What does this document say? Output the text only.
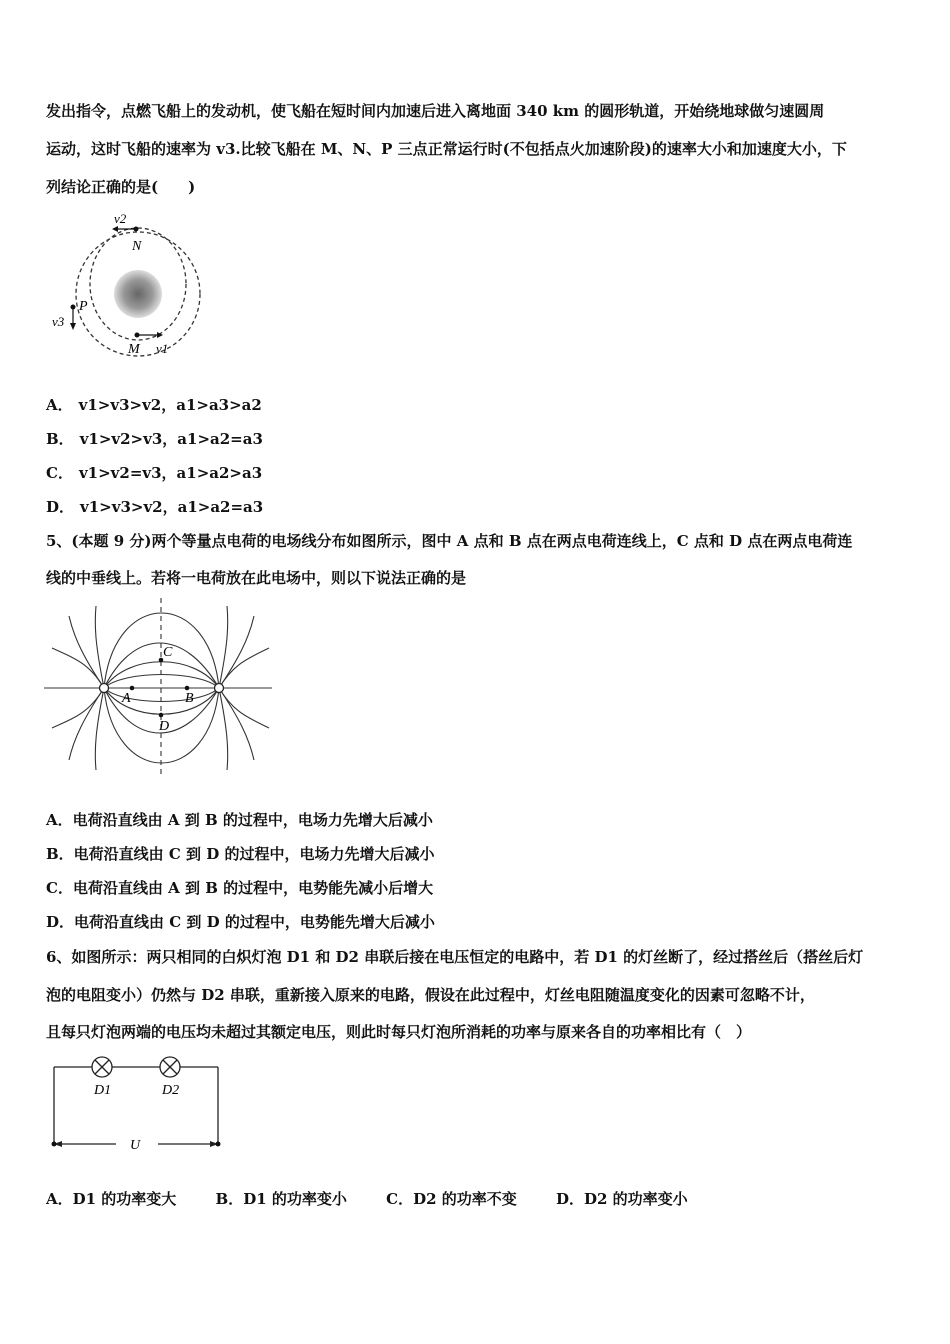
发出指令，点燃飞船上的发动机，使飞船在短时间内加速后进入离地面 340 km 的圆形轨道，开始绕地球做匀速圆周
运动，这时飞船的速率为 v3.比较飞船在 M、N、P 三点正常运行时(不包括点火加速阶段)的速率大小和加速度大小，下
列结论正确的是(　　)
v2
N
P
v3
M v1
A． v1>v3>v2，a1>a3>a2
B． v1>v2>v3，a1>a2=a3
C． v1>v2=v3，a1>a2>a3
D． v1>v3>v2，a1>a2=a3
5、(本题 9 分)两个等量点电荷的电场线分布如图所示，图中 A 点和 B 点在两点电荷连线上，C 点和 D 点在两点电荷连
线的中垂线上。若将一电荷放在此电场中，则以下说法正确的是
A	B
C
D
A．电荷沿直线由 A 到 B 的过程中，电场力先增大后减小
B．电荷沿直线由 C 到 D 的过程中，电场力先增大后减小
C．电荷沿直线由 A 到 B 的过程中，电势能先减小后增大
D．电荷沿直线由 C 到 D 的过程中，电势能先增大后减小
6、如图所示：两只相同的白炽灯泡 D1 和 D2 串联后接在电压恒定的电路中，若 D1 的灯丝断了，经过搭丝后（搭丝后灯
泡的电阻变小）仍然与 D2 串联，重新接入原来的电路，假设在此过程中，灯丝电阻随温度变化的因素可忽略不计，
且每只灯泡两端的电压均未超过其额定电压，则此时每只灯泡所消耗的功率与原来各自的功率相比有（　）
D1	D2
U
A．D1 的功率变大	B．D1 的功率变小	C．D2 的功率不变	D．D2 的功率变小
